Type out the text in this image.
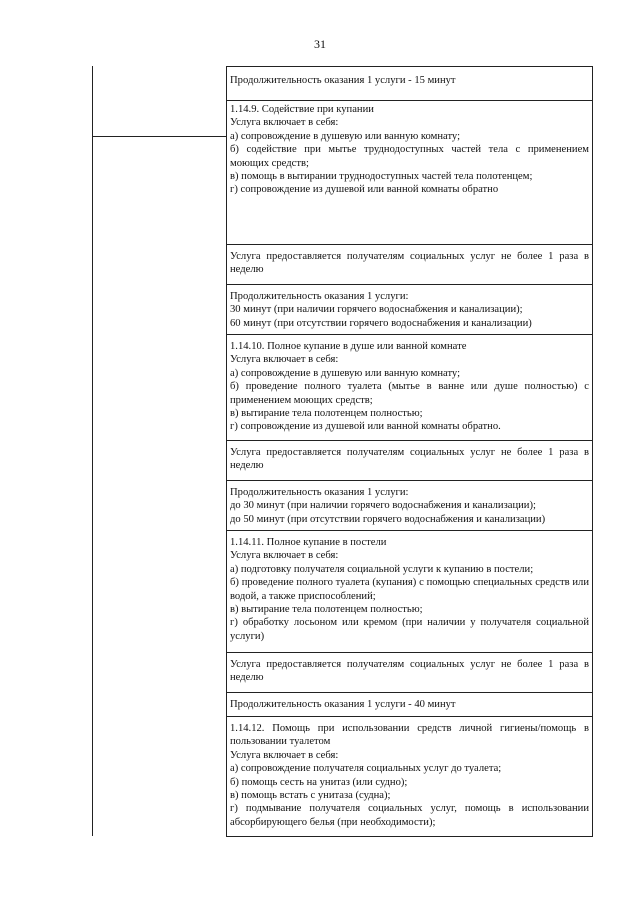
31

Продолжительность оказания 1 услуги - 15 минут

1.14.9. Содействие при купании

Услуга включает в себя:

а) сопровождение в душевую или ванную комнату;

б) содействие при мытье труднодоступных частей тела с применением моющих средств;

в) помощь в вытирании труднодоступных частей тела полотенцем;

г) сопровождение из душевой или ванной комнаты обратно

Услуга предоставляется получателям социальных услуг не более 1 раза в неделю

Продолжительность оказания 1 услуги:

30 минут (при наличии горячего водоснабжения и канализации);

60 минут (при отсутствии горячего водоснабжения и канализации)

1.14.10. Полное купание в душе или ванной комнате

Услуга включает в себя:

а) сопровождение в душевую или ванную комнату;

б) проведение полного туалета (мытье в ванне или душе полностью) с применением моющих средств;

в) вытирание тела полотенцем полностью;

г) сопровождение из душевой или ванной комнаты обратно.

Услуга предоставляется получателям социальных услуг не более 1 раза в неделю

Продолжительность оказания 1 услуги:

до 30 минут (при наличии горячего водоснабжения и канализации);

до 50 минут (при отсутствии горячего водоснабжения и канализации)

1.14.11. Полное купание в постели

Услуга включает в себя:

а) подготовку получателя социальной услуги к купанию в постели;

б) проведение полного туалета (купания) с помощью специальных средств или водой, а также приспособлений;

в) вытирание тела полотенцем полностью;

г) обработку лосьоном или кремом (при наличии у получателя социальной услуги)

Услуга предоставляется получателям социальных услуг не более 1 раза в неделю

Продолжительность оказания 1 услуги - 40 минут

1.14.12. Помощь при использовании средств личной гигиены/помощь в пользовании туалетом

Услуга включает в себя:

а) сопровождение получателя социальных услуг до туалета;

б) помощь сесть на унитаз (или судно);

в) помощь встать с унитаза (судна);

г) подмывание получателя социальных услуг, помощь в использовании абсорбирующего белья (при необходимости);
